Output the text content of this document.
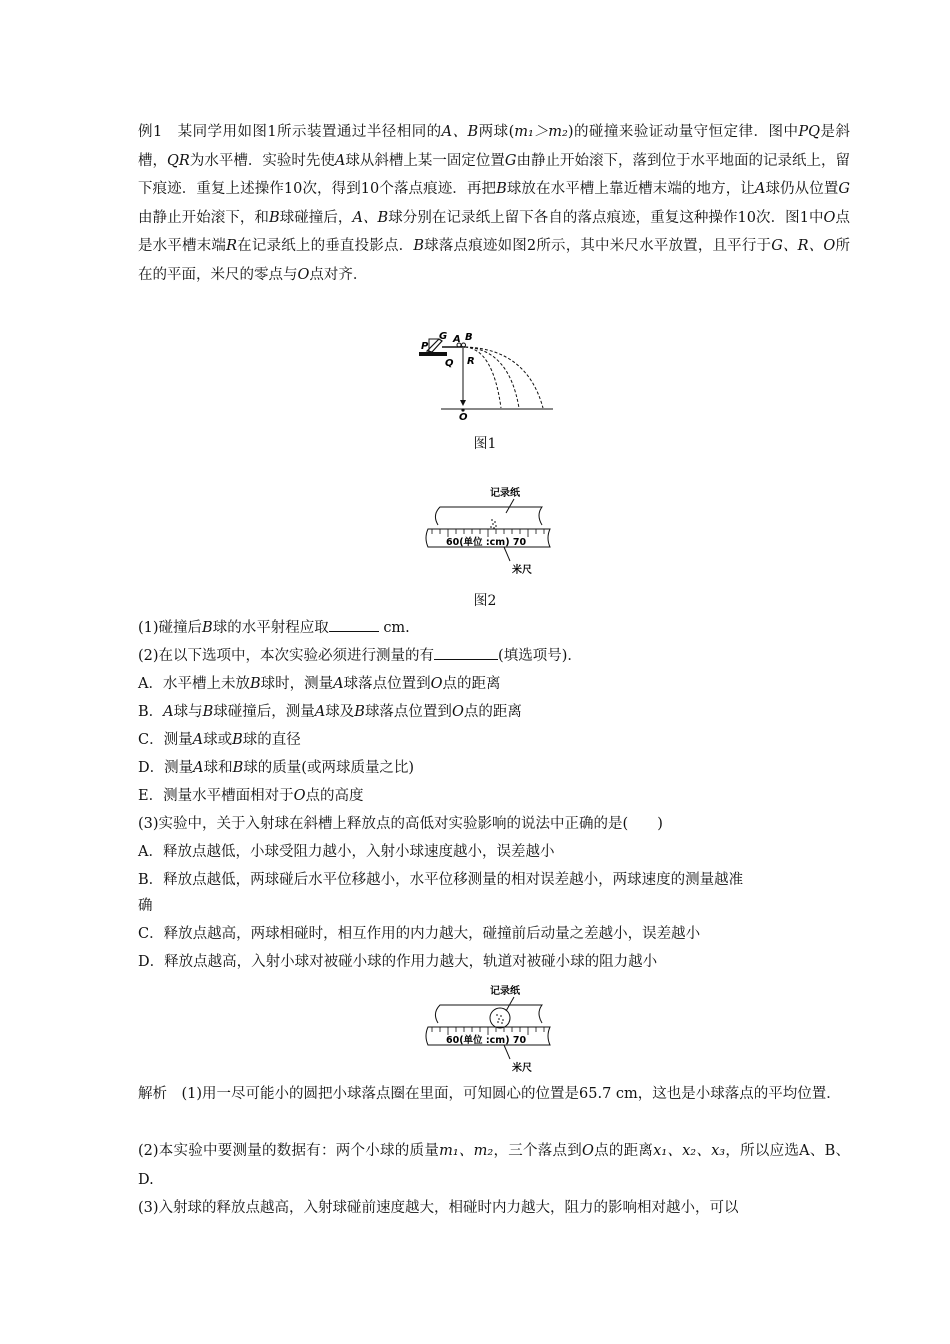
例1　 某同学用如图1所示装置通过半径相同的A、B两球(m₁＞m₂)的碰撞来验证动量守恒定律．图中PQ是斜槽，QR为水平槽．实验时先使A球从斜槽上某一固定位置G由静止开始滚下，落到位于水平地面的记录纸上，留下痕迹．重复上述操作10次，得到10个落点痕迹．再把B球放在水平槽上靠近槽末端的地方，让A球仍从位置G由静止开始滚下，和B球碰撞后，A、B球分别在记录纸上留下各自的落点痕迹，重复这种操作10次．图1中O点是水平槽末端R在记录纸上的垂直投影点．B球落点痕迹如图2所示，其中米尺水平放置，且平行于G、R、O所在的平面，米尺的零点与O点对齐．

P
G A B
Q R
O
图1
记录纸
60(单位 :cm) 70
米尺
图2

(1)碰撞后B球的水平射程应取	cm.

(2)在以下选项中，本次实验必须进行测量的有	(填选项号)．

A．水平槽上未放B球时，测量A球落点位置到O点的距离

B．A球与B球碰撞后，测量A球及B球落点位置到O点的距离

C．测量A球或B球的直径

D．测量A球和B球的质量(或两球质量之比)

E．测量水平槽面相对于O点的高度

(3)实验中，关于入射球在斜槽上释放点的高低对实验影响的说法中正确的是(　　)

A．释放点越低，小球受阻力越小，入射小球速度越小，误差越小

B．释放点越低，两球碰后水平位移越小，水平位移测量的相对误差越小，两球速度的测量越准

确

C．释放点越高，两球相碰时，相互作用的内力越大，碰撞前后动量之差越小，误差越小

D．释放点越高，入射小球对被碰小球的作用力越大，轨道对被碰小球的阻力越小

记录纸
60(单位 :cm) 70
米尺

解析　 (1)用一尽可能小的圆把小球落点圈在里面，可知圆心的位置是65.7 cm，这也是小球落点的平均位置．

(2)本实验中要测量的数据有：两个小球的质量m₁、m₂，三个落点到O点的距离x₁、x₂、x₃，所以应选A、B、D.

(3)入射球的释放点越高，入射球碰前速度越大，相碰时内力越大，阻力的影响相对越小，可以
